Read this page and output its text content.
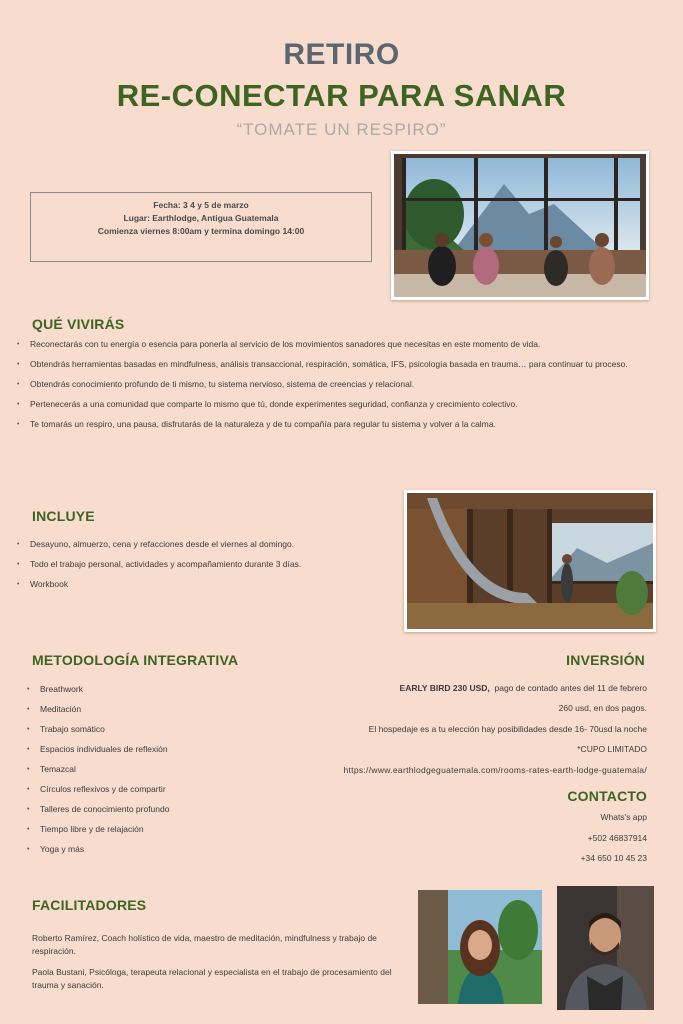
RETIRO
RE-CONECTAR PARA SANAR
“TOMATE UN RESPIRO”
Fecha: 3 4 y 5 de marzo
Lugar: Earthlodge, Antigua Guatemala
Comienza viernes 8:00am y termina domingo 14:00
QUÉ VIVIRÁS
• Reconectarás con tu energía o esencia para ponerla al servicio de los movimientos sanadores que necesitas en este momento de vida.
• Obtendrás herramientas basadas en mindfulness, análisis transaccional, respiración, somática, IFS, psicología basada en trauma… para continuar tu proceso.
• Obtendrás conocimiento profundo de ti mismo, tu sistema nervioso, sistema de creencias y relacional.
• Pertenecerás a una comunidad que comparte lo mismo que tú, donde experimentes seguridad, confianza y crecimiento colectivo.
• Te tomarás un respiro, una pausa, disfrutarás de la naturaleza y de tu compañía para regular tu sistema y volver a la calma.
INCLUYE
• Desayuno, almuerzo, cena y refacciones desde el viernes al domingo.
• Todo el trabajo personal, actividades y acompañamiento durante 3 días.
• Workbook
METODOLOGÍA INTEGRATIVA
• Breathwork
• Meditación
• Trabajo somático
• Espacios individuales de reflexión
• Temazcal
• Círculos reflexivos y de compartir
• Talleres de conocimiento profundo
• Tiempo libre y de relajación
• Yoga y más
INVERSIÓN
EARLY BIRD 230 USD, pago de contado antes del 11 de febrero
260 usd, en dos pagos.
El hospedaje es a tu elección hay posibilidades desde 16- 70usd la noche
*CUPO LIMITADO
https://www.earthlodgeguatemala.com/rooms-rates-earth-lodge-guatemala/
CONTACTO
Whats's app
+502 46837914
+34 650 10 45 23
FACILITADORES
Roberto Ramírez, Coach holístico de vida, maestro de meditación, mindfulness y trabajo de respiración.
Paola Bustani, Psicóloga, terapeuta relacional y especialista en el trabajo de procesamiento del trauma y sanación.
